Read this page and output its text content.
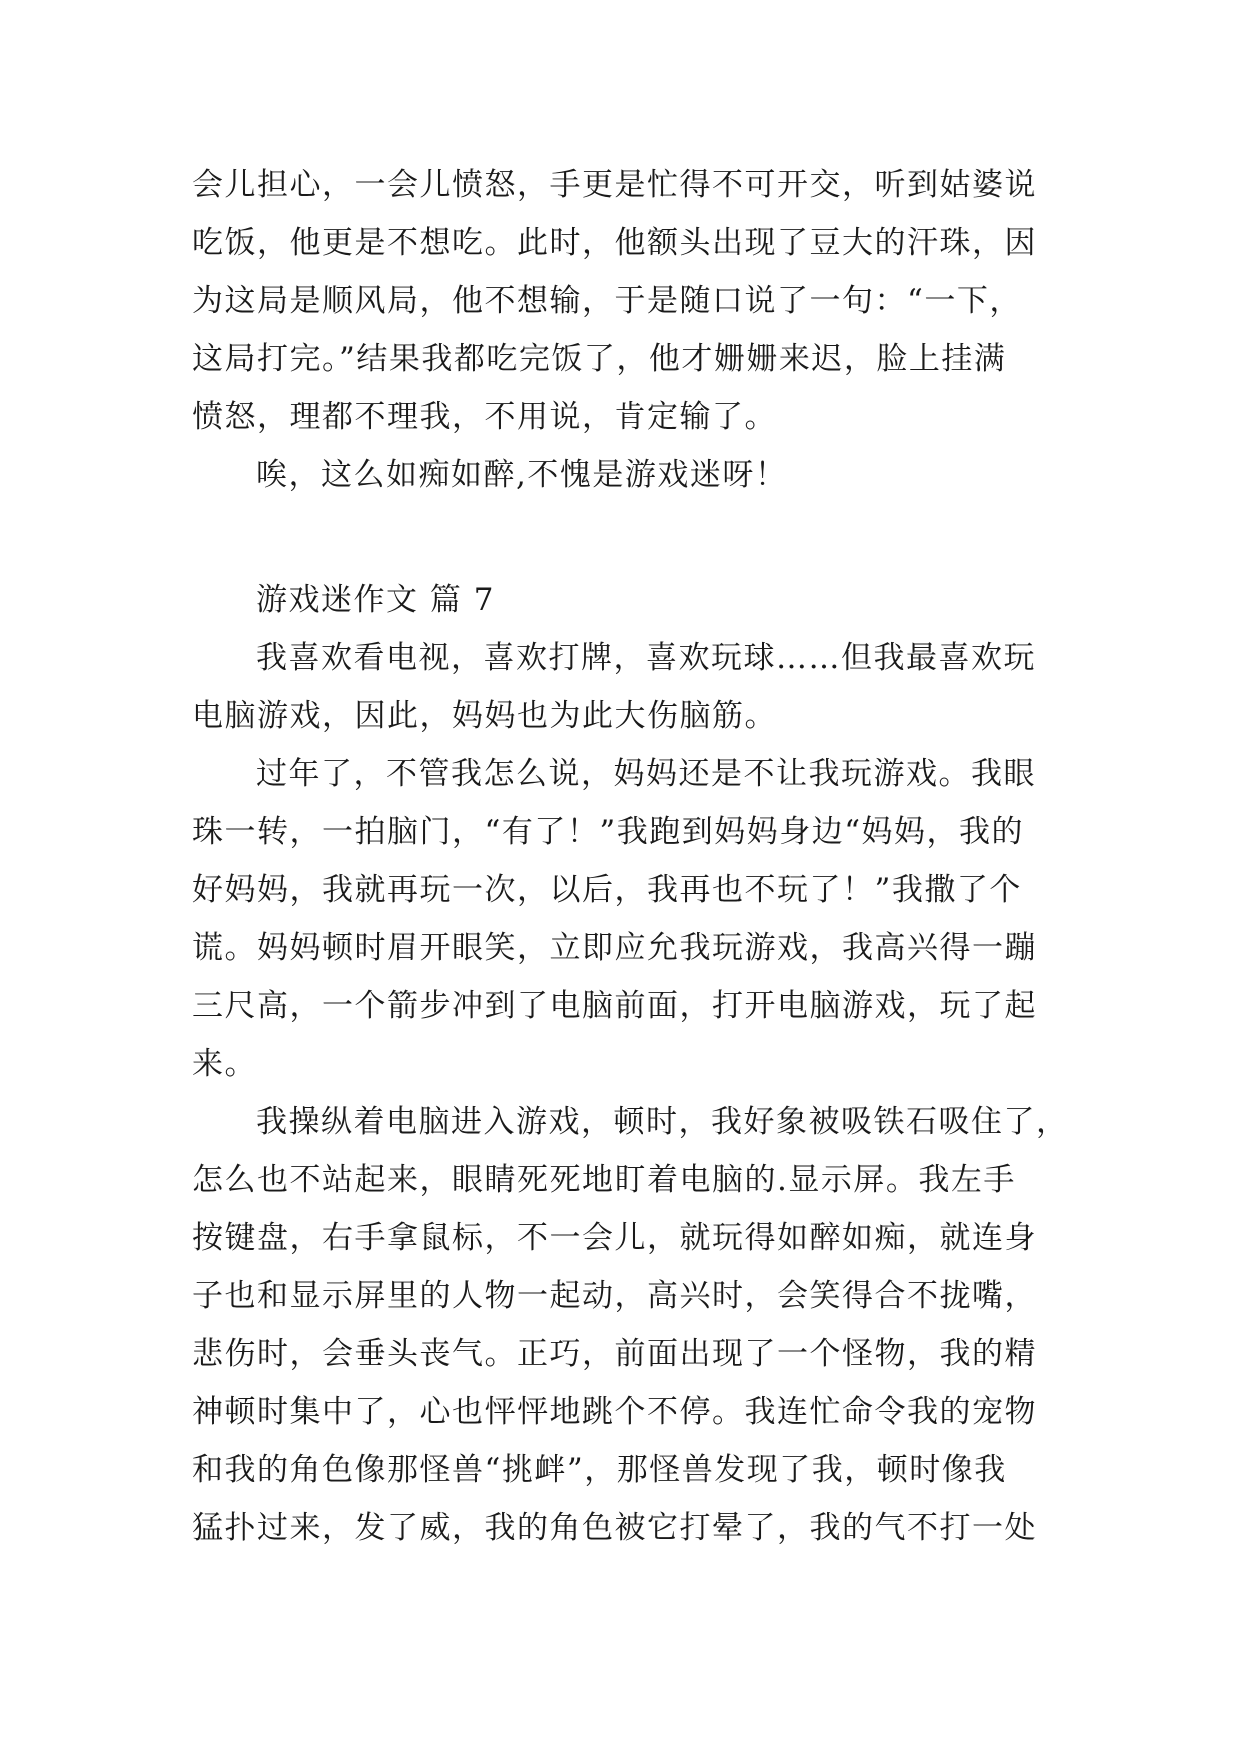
会儿担心，一会儿愤怒，手更是忙得不可开交，听到姑婆说
吃饭，他更是不想吃。此时，他额头出现了豆大的汗珠，因
为这局是顺风局，他不想输，于是随口说了一句：“一下，
这局打完。”结果我都吃完饭了，他才姗姗来迟，脸上挂满
愤怒，理都不理我，不用说，肯定输了。
唉，这么如痴如醉,不愧是游戏迷呀！
游戏迷作文 篇 7
我喜欢看电视，喜欢打牌，喜欢玩球……但我最喜欢玩
电脑游戏，因此，妈妈也为此大伤脑筋。
过年了，不管我怎么说，妈妈还是不让我玩游戏。我眼
珠一转，一拍脑门，“有了！”我跑到妈妈身边“妈妈，我的
好妈妈，我就再玩一次，以后，我再也不玩了！”我撒了个
谎。妈妈顿时眉开眼笑，立即应允我玩游戏，我高兴得一蹦
三尺高，一个箭步冲到了电脑前面，打开电脑游戏，玩了起
来。
我操纵着电脑进入游戏，顿时，我好象被吸铁石吸住了，
怎么也不站起来，眼睛死死地盯着电脑的.显示屏。我左手
按键盘，右手拿鼠标，不一会儿，就玩得如醉如痴，就连身
子也和显示屏里的人物一起动，高兴时，会笑得合不拢嘴，
悲伤时，会垂头丧气。正巧，前面出现了一个怪物，我的精
神顿时集中了，心也怦怦地跳个不停。我连忙命令我的宠物
和我的角色像那怪兽“挑衅”，那怪兽发现了我，顿时像我
猛扑过来，发了威，我的角色被它打晕了，我的气不打一处
